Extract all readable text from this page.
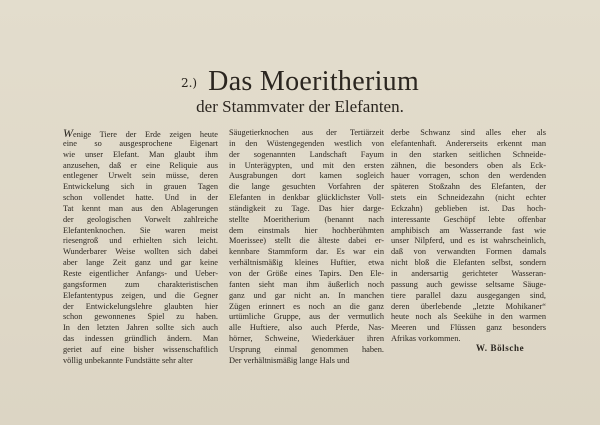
2.) Das Moeritherium
der Stammvater der Elefanten.
Wenige Tiere der Erde zeigen heute
eine so ausgesprochene Eigenart
wie unser Elefant. Man glaubt ihm
anzusehen, daß er eine Reliquie aus
entlegener Urwelt sein müsse, deren
Entwickelung sich in grauen Tagen
schon vollendet hatte. Und in der
Tat kennt man aus den Ablagerungen
der geologischen Vorwelt zahlreiche
Elefantenknochen. Sie waren meist
riesengroß und erhielten sich leicht.
Wunderbarer Weise wollten sich dabei
aber lange Zeit ganz und gar keine
Reste eigentlicher Anfangs- und Ueber-
gangsformen zum charakteristischen
Elefantentypus zeigen, und die Gegner
der Entwickelungslehre glaubten hier
schon gewonnenes Spiel zu haben.
In den letzten Jahren sollte sich auch
das indessen gründlich ändern. Man
geriet auf eine bisher wissenschaftlich
völlig unbekannte Fundstätte sehr alter
Säugetierknochen aus der Tertiärzeit
in den Wüstengegenden westlich von
der sogenannten Landschaft Fayum
in Unterägypten, und mit den ersten
Ausgrabungen dort kamen sogleich
die lange gesuchten Vorfahren der
Elefanten in denkbar glücklichster Voll-
ständigkeit zu Tage. Das hier darge-
stellte Moeritherium (benannt nach
dem einstmals hier hochberühmten
Moerissee) stellt die älteste dabei er-
kennbare Stammform dar. Es war ein
verhältnismäßig kleines Huftier, etwa
von der Größe eines Tapirs. Den Ele-
fanten sieht man ihm äußerlich noch
ganz und gar nicht an. In manchen
Zügen erinnert es noch an die ganz
urtümliche Gruppe, aus der vermutlich
alle Huftiere, also auch Pferde, Nas-
hörner, Schweine, Wiederkäuer ihren
Ursprung einmal genommen haben.
Der verhältnismäßig lange Hals und
derbe Schwanz sind alles eher als
elefantenhaft. Andererseits erkennt man
in den starken seitlichen Schneide-
zähnen, die besonders oben als Eck-
hauer vorragen, schon den werdenden
späteren Stoßzahn des Elefanten, der
stets ein Schneidezahn (nicht echter
Eckzahn) geblieben ist. Das hoch-
interessante Geschöpf lebte offenbar
amphibisch am Wasserrande fast wie
unser Nilpferd, und es ist wahrscheinlich,
daß von verwandten Formen damals
nicht bloß die Elefanten selbst, sondern
in andersartig gerichteter Wasseran-
passung auch gewisse seltsame Säuge-
tiere parallel dazu ausgegangen sind,
deren überlebende „letzte Mohikaner“
heute noch als Seekühe in den warmen
Meeren und Flüssen ganz besonders
Afrikas vorkommen.
W. Bölsche
